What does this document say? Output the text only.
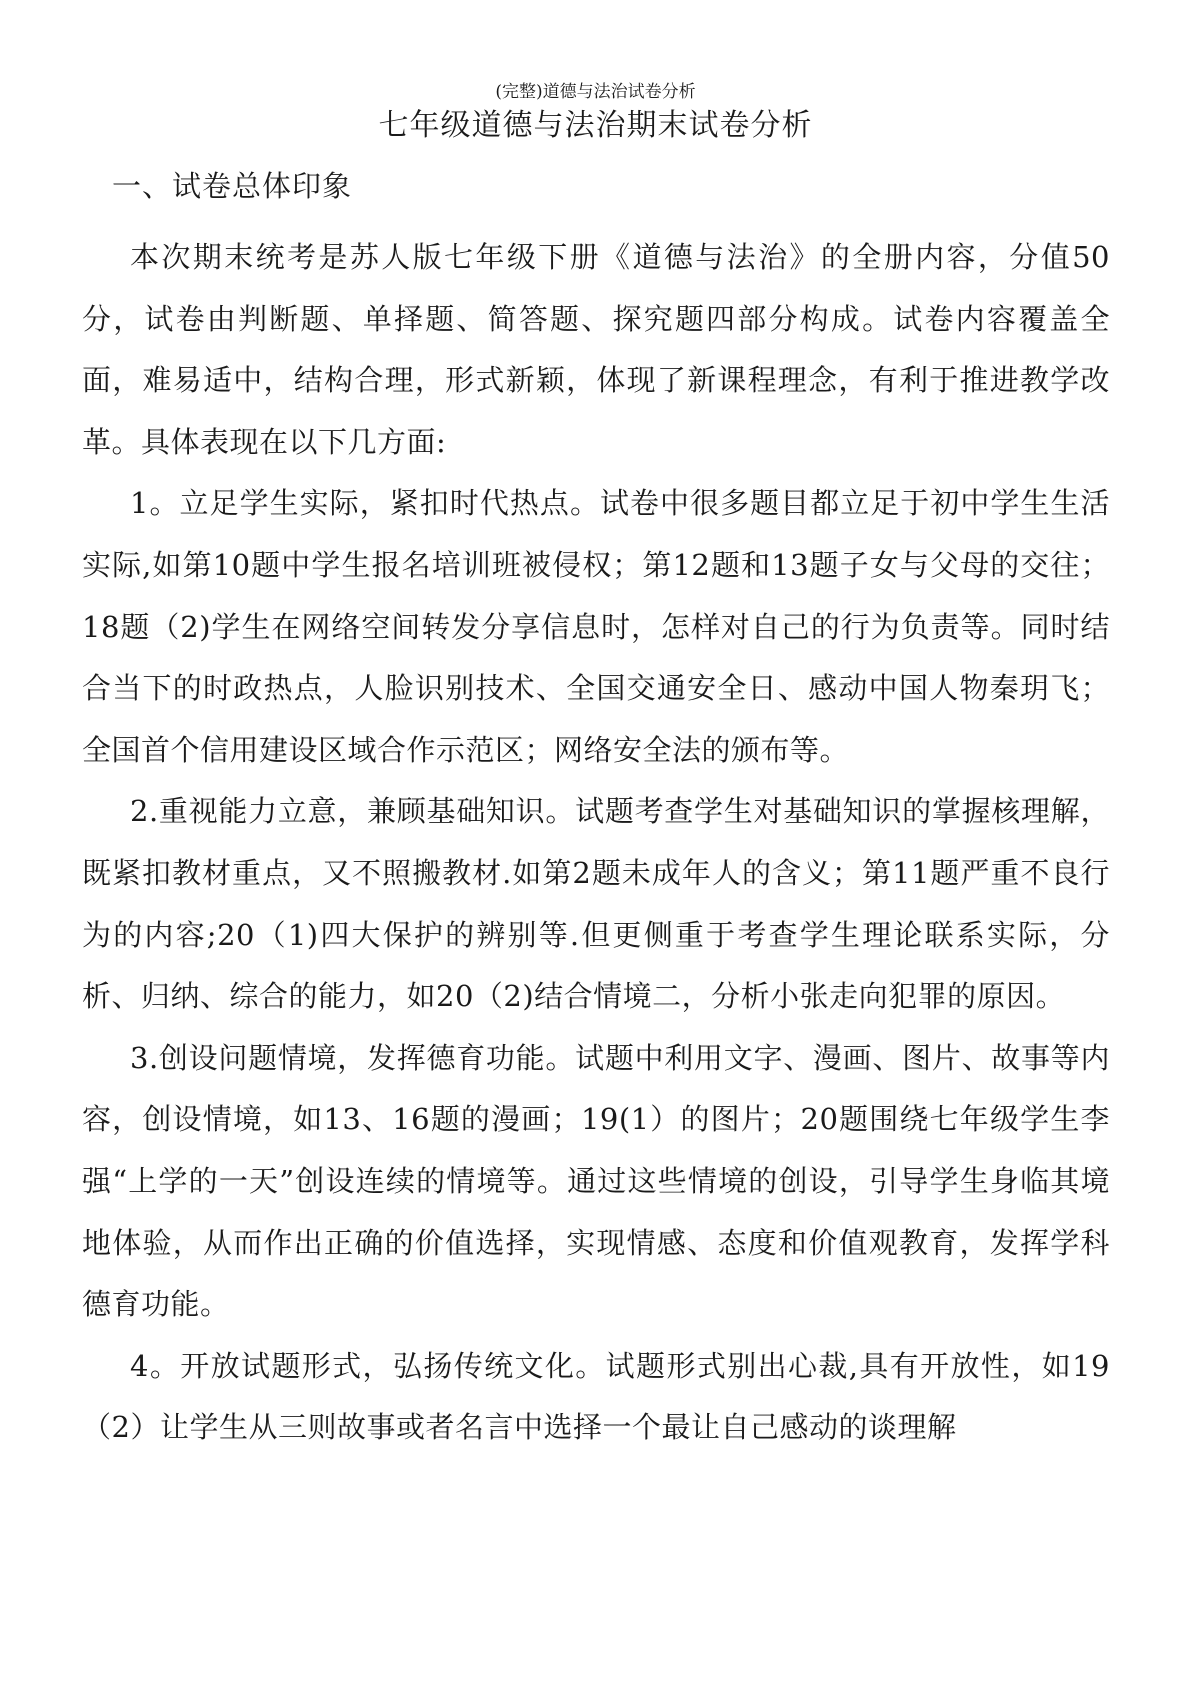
(完整)道德与法治试卷分析
七年级道德与法治期末试卷分析
一、试卷总体印象

本次期末统考是苏人版七年级下册《道德与法治》的全册内容，分值50分，试卷由判断题、单择题、简答题、探究题四部分构成。试卷内容覆盖全面，难易适中，结构合理，形式新颖，体现了新课程理念，有利于推进教学改革。具体表现在以下几方面:

1。立足学生实际，紧扣时代热点。试卷中很多题目都立足于初中学生生活实际,如第10题中学生报名培训班被侵权；第12题和13题子女与父母的交往；18题（2)学生在网络空间转发分享信息时，怎样对自己的行为负责等。同时结合当下的时政热点，人脸识别技术、全国交通安全日、感动中国人物秦玥飞；全国首个信用建设区域合作示范区；网络安全法的颁布等。

2.重视能力立意，兼顾基础知识。试题考查学生对基础知识的掌握核理解，既紧扣教材重点，又不照搬教材.如第2题未成年人的含义；第11题严重不良行为的内容;20（1)四大保护的辨别等.但更侧重于考查学生理论联系实际，分析、归纳、综合的能力，如20（2)结合情境二，分析小张走向犯罪的原因。

3.创设问题情境，发挥德育功能。试题中利用文字、漫画、图片、故事等内容，创设情境，如13、16题的漫画；19(1）的图片；20题围绕七年级学生李强“上学的一天”创设连续的情境等。通过这些情境的创设，引导学生身临其境地体验，从而作出正确的价值选择，实现情感、态度和价值观教育，发挥学科德育功能。

4。开放试题形式，弘扬传统文化。试题形式别出心裁,具有开放性，如19（2）让学生从三则故事或者名言中选择一个最让自己感动的谈理解
